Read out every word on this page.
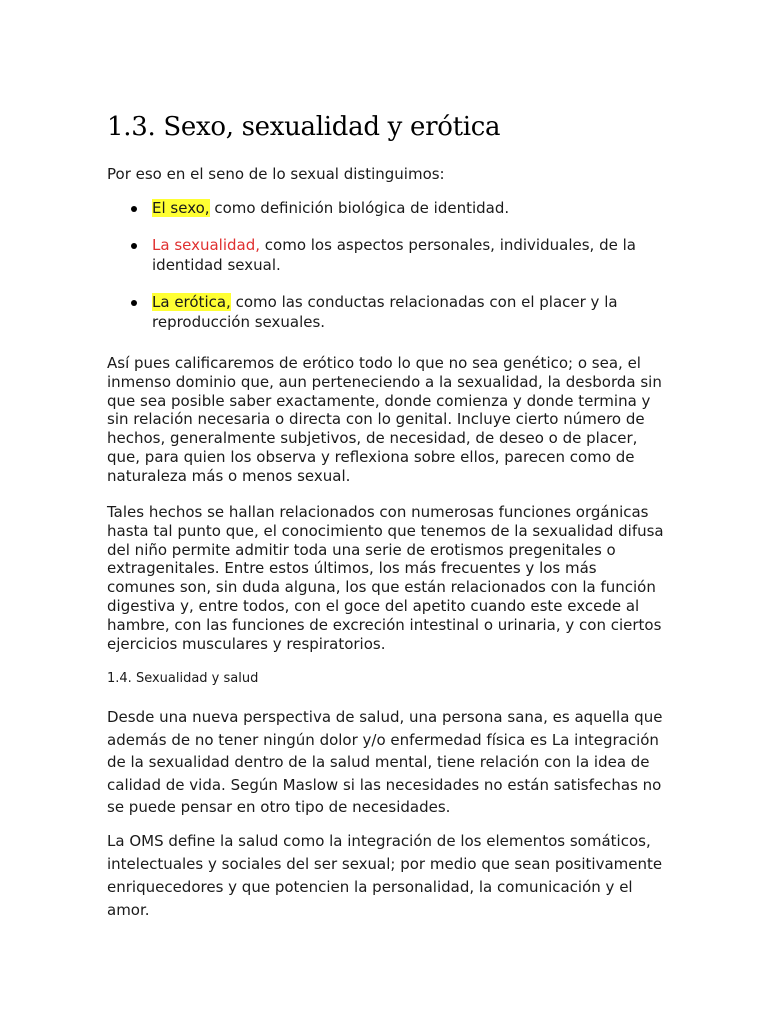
1.3. Sexo, sexualidad y erótica

Por eso en el seno de lo sexual distinguimos:

El sexo, como definición biológica de identidad.
La sexualidad, como los aspectos personales, individuales, de la identidad sexual.
La erótica, como las conductas relacionadas con el placer y la reproducción sexuales.

Así pues calificaremos de erótico todo lo que no sea genético; o sea, el inmenso dominio que, aun perteneciendo a la sexualidad, la desborda sin que sea posible saber exactamente, donde comienza y donde termina y sin relación necesaria o directa con lo genital. Incluye cierto número de hechos, generalmente subjetivos, de necesidad, de deseo o de placer, que, para quien los observa y reflexiona sobre ellos, parecen como de naturaleza más o menos sexual.

Tales hechos se hallan relacionados con numerosas funciones orgánicas hasta tal punto que, el conocimiento que tenemos de la sexualidad difusa del niño permite admitir toda una serie de erotismos pregenitales o extragenitales. Entre estos últimos, los más frecuentes y los más comunes son, sin duda alguna, los que están relacionados con la función digestiva y, entre todos, con el goce del apetito cuando este excede al hambre, con las funciones de excreción intestinal o urinaria, y con ciertos ejercicios musculares y respiratorios.

1.4. Sexualidad y salud

Desde una nueva perspectiva de salud, una persona sana, es aquella que además de no tener ningún dolor y/o enfermedad física es La integración de la sexualidad dentro de la salud mental, tiene relación con la idea de calidad de vida. Según Maslow si las necesidades no están satisfechas no se puede pensar en otro tipo de necesidades.

La OMS define la salud como la integración de los elementos somáticos, intelectuales y sociales del ser sexual; por medio que sean positivamente enriquecedores y que potencien la personalidad, la comunicación y el amor.
